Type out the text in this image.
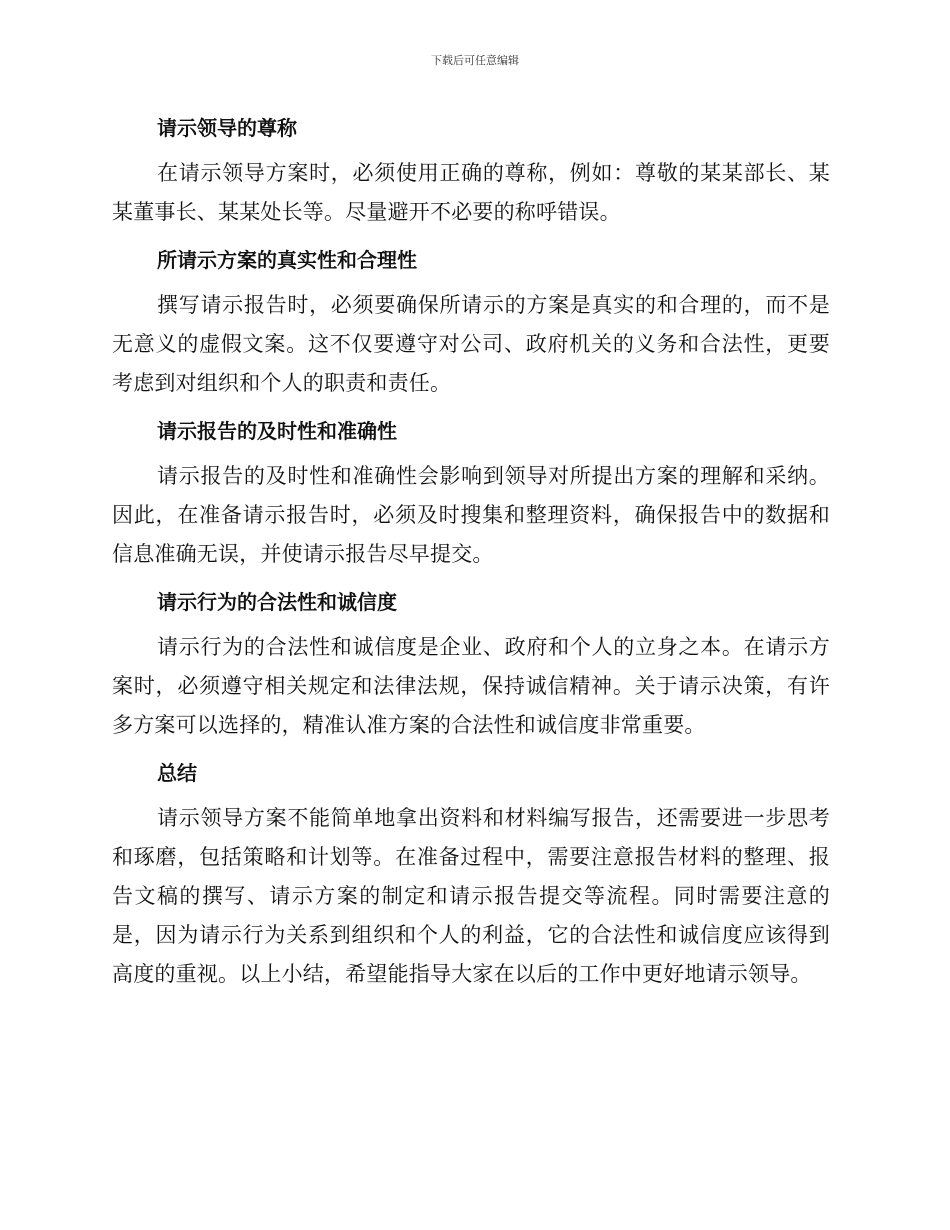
下载后可任意编辑
请示领导的尊称

在请示领导方案时，必须使用正确的尊称，例如：尊敬的某某部长、某某董事长、某某处长等。尽量避开不必要的称呼错误。

所请示方案的真实性和合理性

撰写请示报告时，必须要确保所请示的方案是真实的和合理的，而不是无意义的虚假文案。这不仅要遵守对公司、政府机关的义务和合法性，更要考虑到对组织和个人的职责和责任。

请示报告的及时性和准确性

请示报告的及时性和准确性会影响到领导对所提出方案的理解和采纳。因此，在准备请示报告时，必须及时搜集和整理资料，确保报告中的数据和信息准确无误，并使请示报告尽早提交。

请示行为的合法性和诚信度

请示行为的合法性和诚信度是企业、政府和个人的立身之本。在请示方案时，必须遵守相关规定和法律法规，保持诚信精神。关于请示决策，有许多方案可以选择的，精准认准方案的合法性和诚信度非常重要。

总结

请示领导方案不能简单地拿出资料和材料编写报告，还需要进一步思考和琢磨，包括策略和计划等。在准备过程中，需要注意报告材料的整理、报告文稿的撰写、请示方案的制定和请示报告提交等流程。同时需要注意的是，因为请示行为关系到组织和个人的利益，它的合法性和诚信度应该得到高度的重视。以上小结，希望能指导大家在以后的工作中更好地请示领导。
